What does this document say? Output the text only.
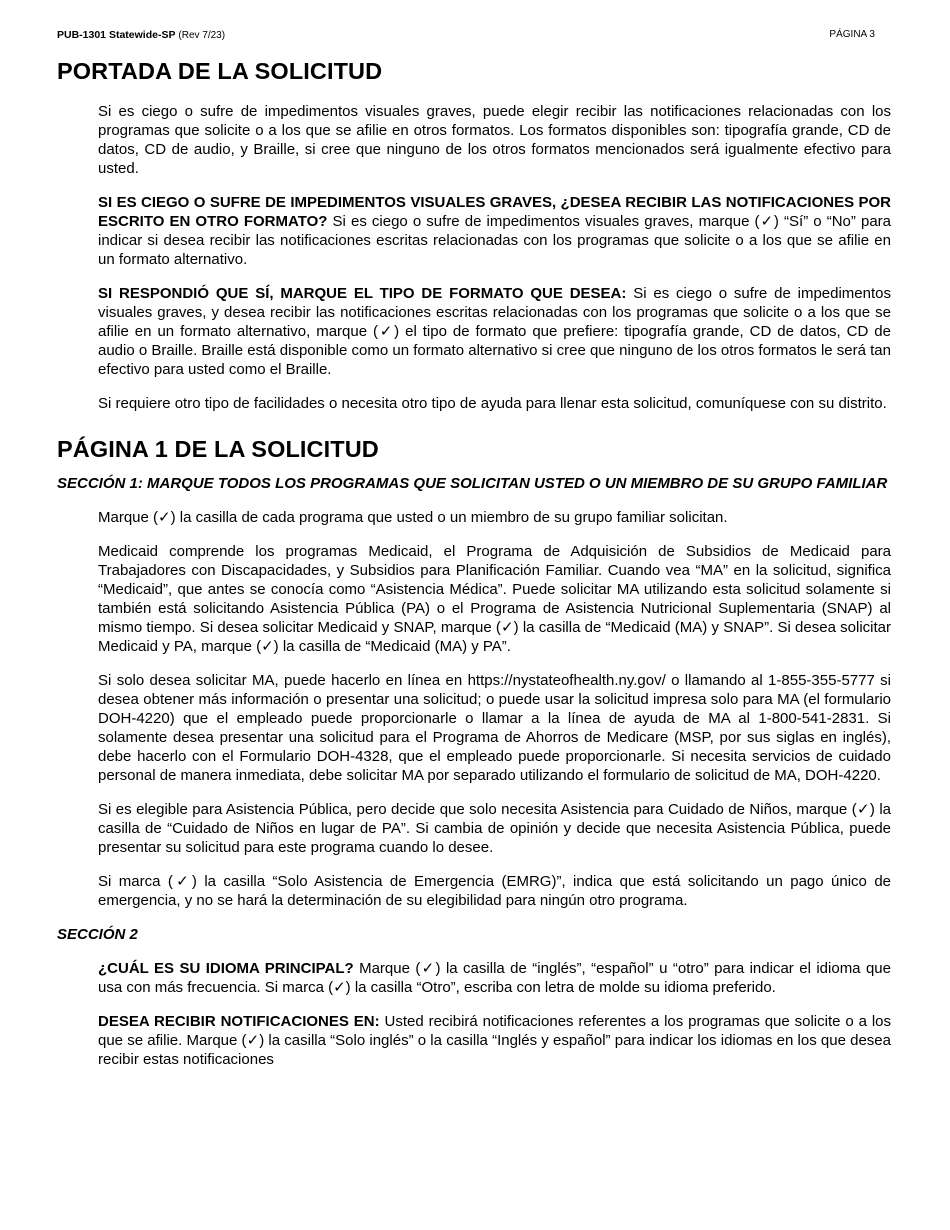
PUB-1301 Statewide-SP (Rev 7/23)	PÁGINA 3
PORTADA DE LA SOLICITUD

Si es ciego o sufre de impedimentos visuales graves, puede elegir recibir las notificaciones relacionadas con los programas que solicite o a los que se afilie en otros formatos. Los formatos disponibles son: tipografía grande, CD de datos, CD de audio, y Braille, si cree que ninguno de los otros formatos mencionados será igualmente efectivo para usted.

SI ES CIEGO O SUFRE DE IMPEDIMENTOS VISUALES GRAVES, ¿DESEA RECIBIR LAS NOTIFICACIONES POR ESCRITO EN OTRO FORMATO? Si es ciego o sufre de impedimentos visuales graves, marque (✓) “Sí” o “No” para indicar si desea recibir las notificaciones escritas relacionadas con los programas que solicite o a los que se afilie en un formato alternativo.

SI RESPONDIÓ QUE SÍ, MARQUE EL TIPO DE FORMATO QUE DESEA: Si es ciego o sufre de impedimentos visuales graves, y desea recibir las notificaciones escritas relacionadas con los programas que solicite o a los que se afilie en un formato alternativo, marque (✓) el tipo de formato que prefiere: tipografía grande, CD de datos, CD de audio o Braille. Braille está disponible como un formato alternativo si cree que ninguno de los otros formatos le será tan efectivo para usted como el Braille.

Si requiere otro tipo de facilidades o necesita otro tipo de ayuda para llenar esta solicitud, comuníquese con su distrito.

PÁGINA 1 DE LA SOLICITUD
SECCIÓN 1: MARQUE TODOS LOS PROGRAMAS QUE SOLICITAN USTED O UN MIEMBRO DE SU GRUPO FAMILIAR

Marque (✓) la casilla de cada programa que usted o un miembro de su grupo familiar solicitan.

Medicaid comprende los programas Medicaid, el Programa de Adquisición de Subsidios de Medicaid para Trabajadores con Discapacidades, y Subsidios para Planificación Familiar. Cuando vea “MA” en la solicitud, significa “Medicaid”, que antes se conocía como “Asistencia Médica”. Puede solicitar MA utilizando esta solicitud solamente si también está solicitando Asistencia Pública (PA) o el Programa de Asistencia Nutricional Suplementaria (SNAP) al mismo tiempo. Si desea solicitar Medicaid y SNAP, marque (✓) la casilla de “Medicaid (MA) y SNAP”. Si desea solicitar Medicaid y PA, marque (✓) la casilla de “Medicaid (MA) y PA”.

Si solo desea solicitar MA, puede hacerlo en línea en https://nystateofhealth.ny.gov/ o llamando al 1-855-355-5777 si desea obtener más información o presentar una solicitud; o puede usar la solicitud impresa solo para MA (el formulario DOH-4220) que el empleado puede proporcionarle o llamar a la línea de ayuda de MA al 1-800-541-2831. Si solamente desea presentar una solicitud para el Programa de Ahorros de Medicare (MSP, por sus siglas en inglés), debe hacerlo con el Formulario DOH-4328, que el empleado puede proporcionarle. Si necesita servicios de cuidado personal de manera inmediata, debe solicitar MA por separado utilizando el formulario de solicitud de MA, DOH-4220.

Si es elegible para Asistencia Pública, pero decide que solo necesita Asistencia para Cuidado de Niños, marque (✓) la casilla de “Cuidado de Niños en lugar de PA”. Si cambia de opinión y decide que necesita Asistencia Pública, puede presentar su solicitud para este programa cuando lo desee.

Si marca (✓) la casilla “Solo Asistencia de Emergencia (EMRG)”, indica que está solicitando un pago único de emergencia, y no se hará la determinación de su elegibilidad para ningún otro programa.

SECCIÓN 2

¿CUÁL ES SU IDIOMA PRINCIPAL? Marque (✓) la casilla de “inglés”, “español” u “otro” para indicar el idioma que usa con más frecuencia. Si marca (✓) la casilla “Otro”, escriba con letra de molde su idioma preferido.

DESEA RECIBIR NOTIFICACIONES EN: Usted recibirá notificaciones referentes a los programas que solicite o a los que se afilie. Marque (✓) la casilla “Solo inglés” o la casilla “Inglés y español” para indicar los idiomas en los que desea recibir estas notificaciones
